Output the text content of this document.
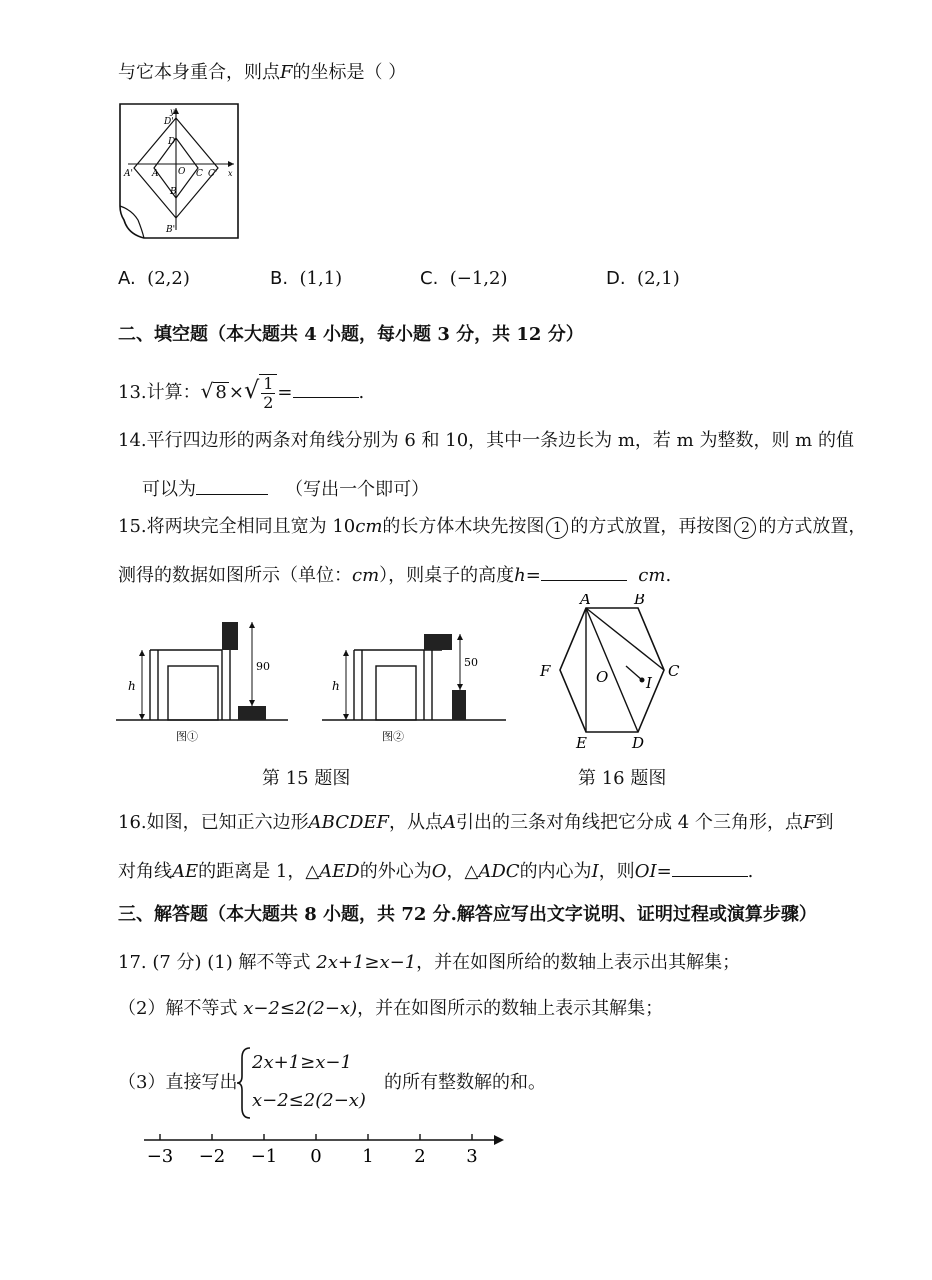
与它本身重合，则点F的坐标是（ ）
D'
D
A' A O C C'
B
B'
x
y
A. (2,2)	B. (1,1)	C. (−1,2)	D. (2,1)
二、填空题（本大题共 4 小题，每小题 3 分，共 12 分）
13.计算：√ 8 ×√ $\frac{1}{2}$ =	.
14.平行四边形的两条对角线分别为 6 和 10，其中一条边长为 m，若 m 为整数，则 m 的值
可以为	（写出一个即可）
15.将两块完全相同且宽为 10cm的长方体木块先按图 1 的方式放置，再按图 2 的方式放置，
测得的数据如图所示（单位：cm），则桌子的高度h=	cm.
h
90
图①
h
50
图②
第 15 题图
A	B
C
D
E
F	O	I
第 16 题图
16.如图，已知正六边形ABCDEF，从点A引出的三条对角线把它分成 4 个三角形，点F到
对角线AE的距离是 1，△AED的外心为O，△ADC的内心为I，则OI=	.
三、解答题（本大题共 8 小题，共 72 分.解答应写出文字说明、证明过程或演算步骤）
17. (7 分) (1) 解不等式 2x+1≥x−1，并在如图所给的数轴上表示出其解集；
（2）解不等式 x−2≤2(2−x)，并在如图所示的数轴上表示其解集；
（3）直接写出
2x+1≥x−1
x−2≤2(2−x)
的所有整数解的和。
−3 −2 −1 0 1 2 3
